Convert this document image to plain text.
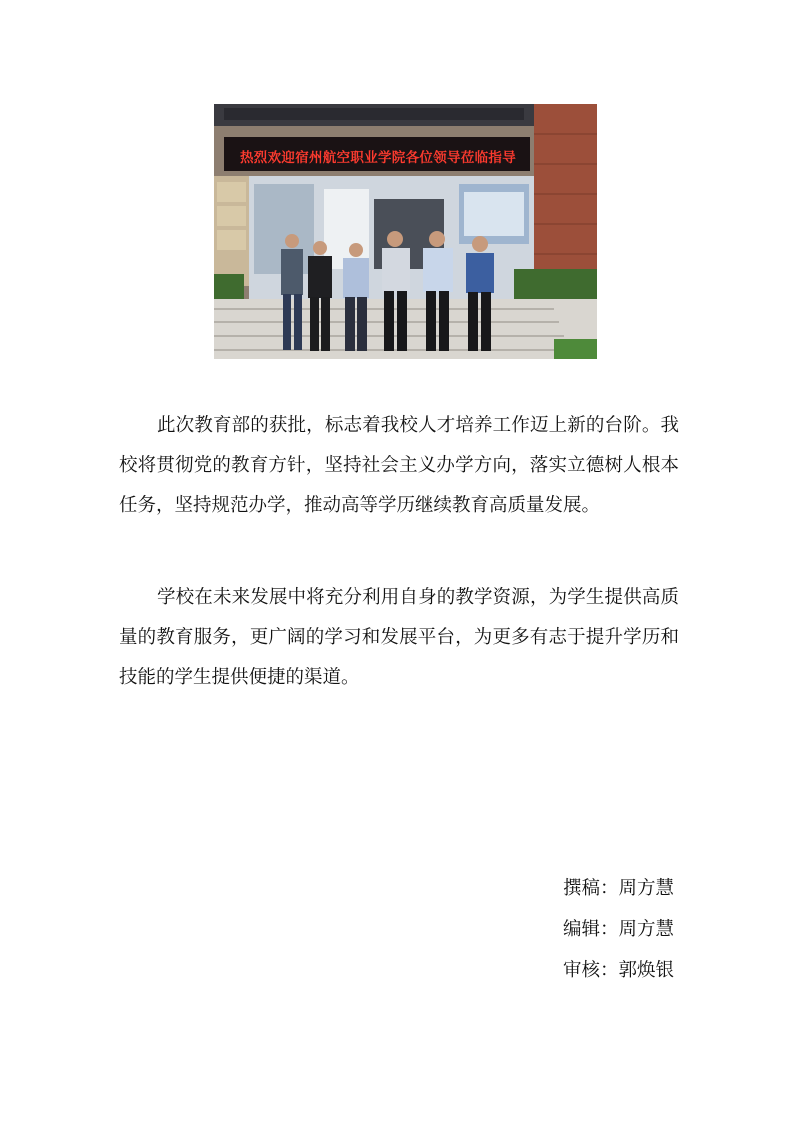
热烈欢迎宿州航空职业学院各位领导莅临指导

此次教育部的获批，标志着我校人才培养工作迈上新的台阶。我校将贯彻党的教育方针，坚持社会主义办学方向，落实立德树人根本任务，坚持规范办学，推动高等学历继续教育高质量发展。

学校在未来发展中将充分利用自身的教学资源，为学生提供高质量的教育服务，更广阔的学习和发展平台，为更多有志于提升学历和技能的学生提供便捷的渠道。

撰稿：周方慧
编辑：周方慧
审核：郭焕银
